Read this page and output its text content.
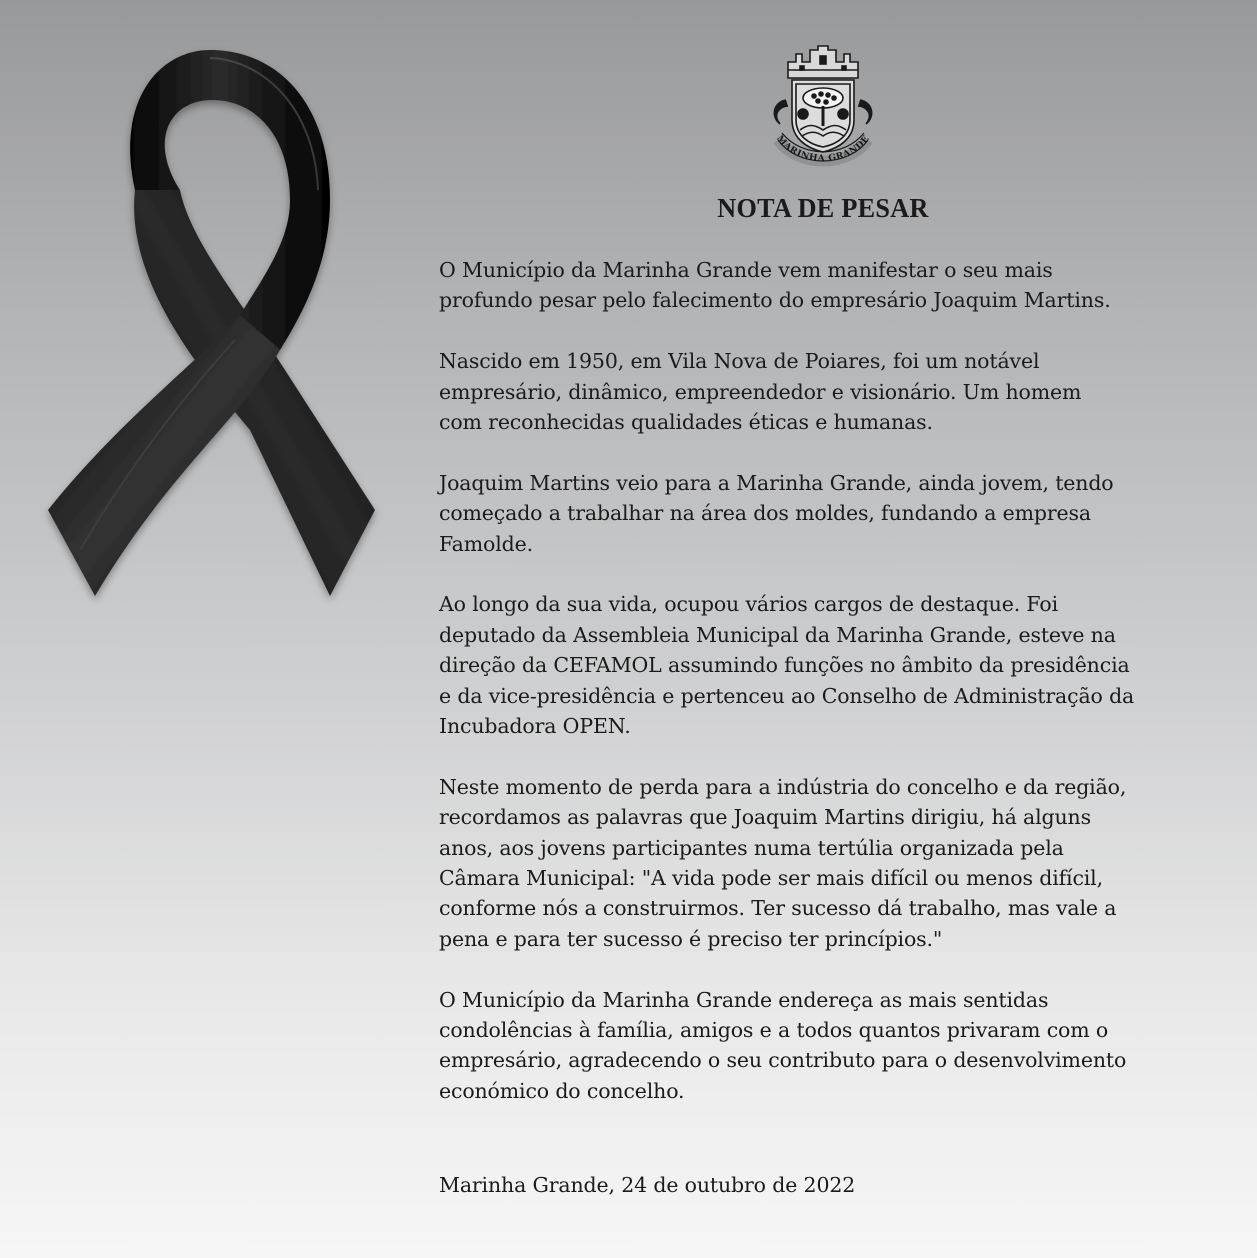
MARINHA GRANDE
NOTA DE PESAR

O Município da Marinha Grande vem manifestar o seu mais
profundo pesar pelo falecimento do empresário Joaquim Martins.

Nascido em 1950, em Vila Nova de Poiares, foi um notável
empresário, dinâmico, empreendedor e visionário. Um homem
com reconhecidas qualidades éticas e humanas.

Joaquim Martins veio para a Marinha Grande, ainda jovem, tendo
começado a trabalhar na área dos moldes, fundando a empresa
Famolde.

Ao longo da sua vida, ocupou vários cargos de destaque. Foi
deputado da Assembleia Municipal da Marinha Grande, esteve na
direção da CEFAMOL assumindo funções no âmbito da presidência
e da vice-presidência e pertenceu ao Conselho de Administração da
Incubadora OPEN.

Neste momento de perda para a indústria do concelho e da região,
recordamos as palavras que Joaquim Martins dirigiu, há alguns
anos, aos jovens participantes numa tertúlia organizada pela
Câmara Municipal: "A vida pode ser mais difícil ou menos difícil,
conforme nós a construirmos. Ter sucesso dá trabalho, mas vale a
pena e para ter sucesso é preciso ter princípios."

O Município da Marinha Grande endereça as mais sentidas
condolências à família, amigos e a todos quantos privaram com o
empresário, agradecendo o seu contributo para o desenvolvimento
económico do concelho.

Marinha Grande, 24 de outubro de 2022
